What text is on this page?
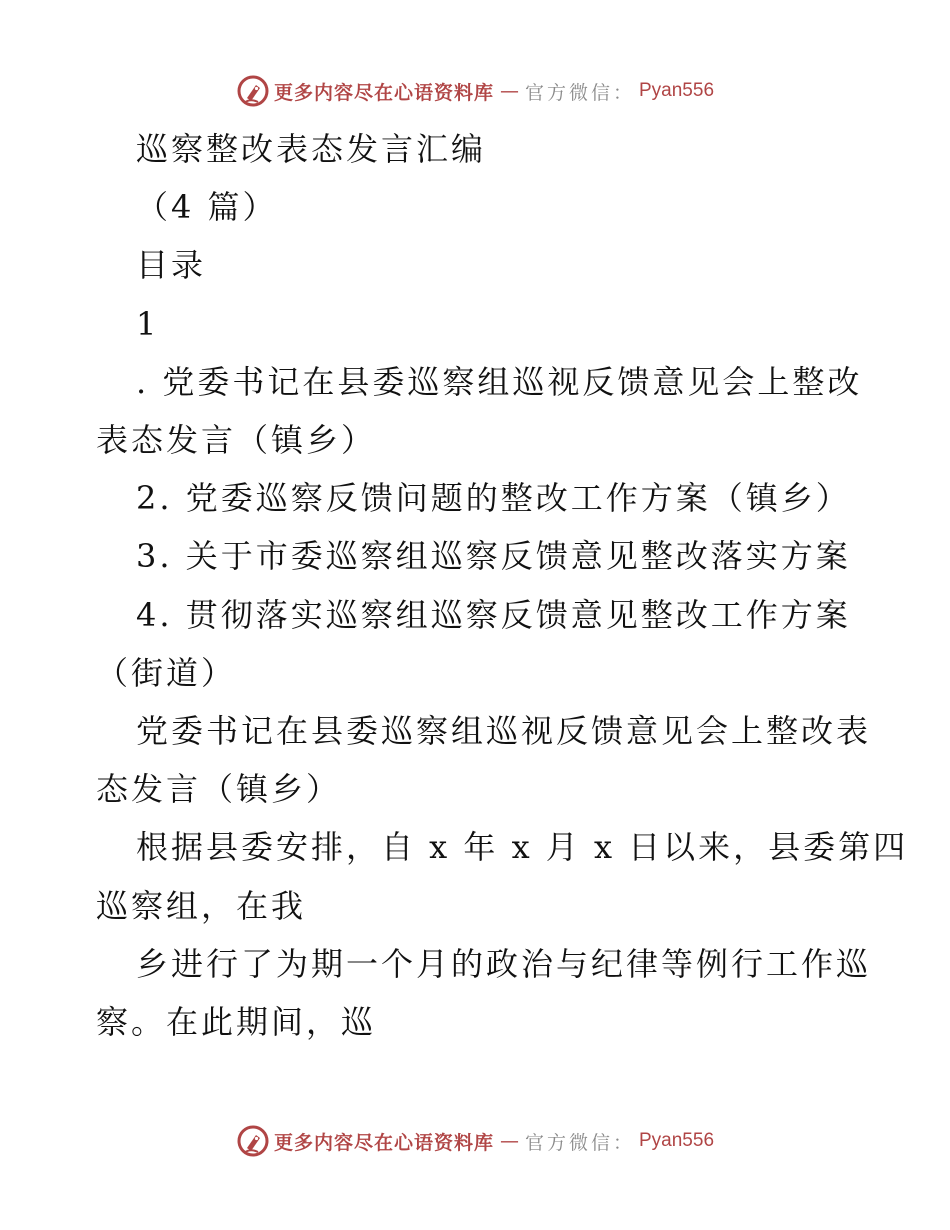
更多内容尽在心语资料库 — 官方微信： Pyan556

巡察整改表态发言汇编

（4 篇）

目录

1

. 党委书记在县委巡察组巡视反馈意见会上整改

表态发言（镇乡）

2. 党委巡察反馈问题的整改工作方案（镇乡）

3. 关于市委巡察组巡察反馈意见整改落实方案

4. 贯彻落实巡察组巡察反馈意见整改工作方案

（街道）

党委书记在县委巡察组巡视反馈意见会上整改表

态发言（镇乡）

根据县委安排，自 x 年 x 月 x 日以来，县委第四

巡察组，在我

乡进行了为期一个月的政治与纪律等例行工作巡

察。在此期间，巡

更多内容尽在心语资料库 — 官方微信： Pyan556
